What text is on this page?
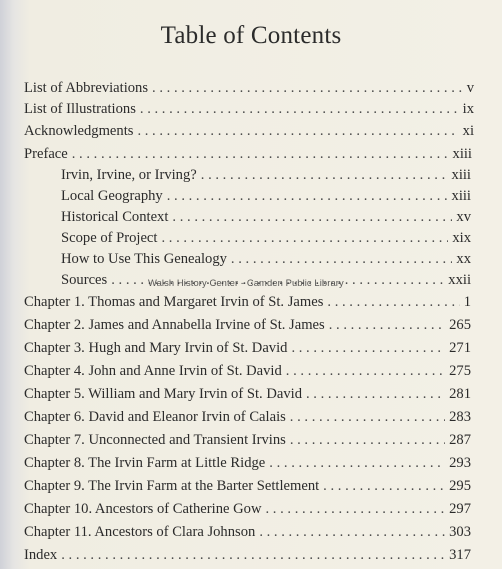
Table of Contents
List of Abbreviations . . .	v
List of Illustrations . . .	ix
Acknowledgments . . .	xi
Preface . . .	xiii
Irvin, Irvine, or Irving? . . .	xiii
Local Geography . . .	xiii
Historical Context . . .	xv
Scope of Project . . .	xix
How to Use This Genealogy . . .	xx
Sources . . .	xxii
Chapter 1. Thomas and Margaret Irvin of St. James . . .	1
Chapter 2. James and Annabella Irvine of St. James . . .	265
Chapter 3. Hugh and Mary Irvin of St. David . . .	271
Chapter 4. John and Anne Irvin of St. David . . .	275
Chapter 5. William and Mary Irvin of St. David . . .	281
Chapter 6. David and Eleanor Irvin of Calais . . .	283
Chapter 7. Unconnected and Transient Irvins . . .	287
Chapter 8. The Irvin Farm at Little Ridge . . .	293
Chapter 9. The Irvin Farm at the Barter Settlement . . .	295
Chapter 10. Ancestors of Catherine Gow . . .	297
Chapter 11. Ancestors of Clara Johnson . . .	303
Index . . .	317
Walsh History Center - Camden Public Library
